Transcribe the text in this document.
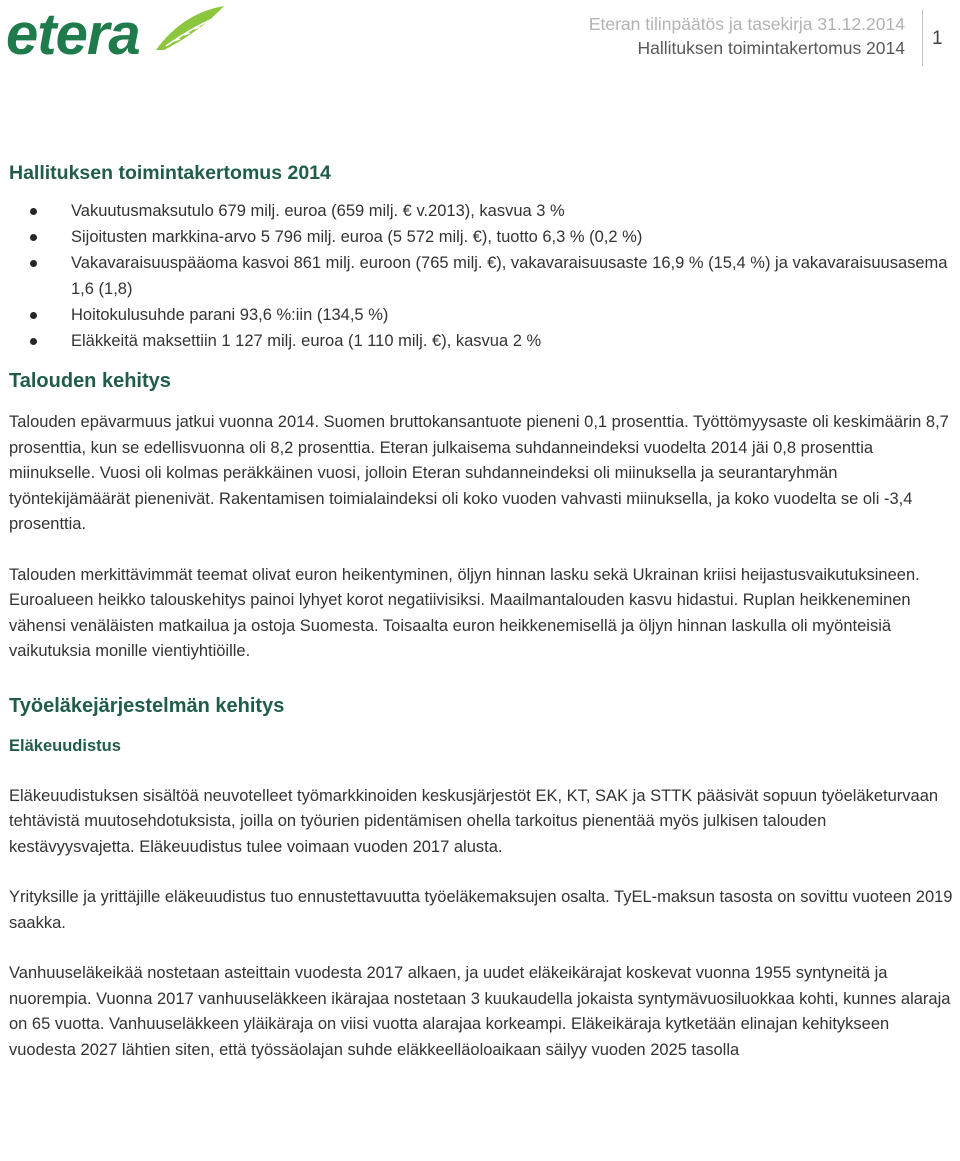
etera	Eteran tilinpäätös ja tasekirja 31.12.2014
Hallituksen toimintakertomus 2014 1
Hallituksen toimintakertomus 2014
Vakuutusmaksutulo 679 milj. euroa (659 milj. € v.2013), kasvua 3 %
Sijoitusten markkina-arvo 5 796 milj. euroa (5 572 milj. €), tuotto 6,3 % (0,2 %)
Vakavaraisuuspääoma kasvoi 861 milj. euroon (765 milj. €), vakavaraisuusaste 16,9 % (15,4 %) ja vakavaraisuusasema 1,6 (1,8)
Hoitokulusuhde parani 93,6 %:iin (134,5 %)
Eläkkeitä maksettiin 1 127 milj. euroa (1 110 milj. €), kasvua 2 %
Talouden kehitys

Talouden epävarmuus jatkui vuonna 2014. Suomen bruttokansantuote pieneni 0,1 prosenttia. Työttömyysaste oli keskimäärin 8,7 prosenttia, kun se edellisvuonna oli 8,2 prosenttia. Eteran julkaisema suhdanneindeksi vuodelta 2014 jäi 0,8 prosenttia miinukselle. Vuosi oli kolmas peräkkäinen vuosi, jolloin Eteran suhdanneindeksi oli miinuksella ja seurantaryhmän työntekijämäärät pienenivät. Rakentamisen toimialaindeksi oli koko vuoden vahvasti miinuksella, ja koko vuodelta se oli -3,4 prosenttia.

Talouden merkittävimmät teemat olivat euron heikentyminen, öljyn hinnan lasku sekä Ukrainan kriisi heijastusvaikutuksineen. Euroalueen heikko talouskehitys painoi lyhyet korot negatiivisiksi. Maailmantalouden kasvu hidastui. Ruplan heikkeneminen vähensi venäläisten matkailua ja ostoja Suomesta. Toisaalta euron heikkenemisellä ja öljyn hinnan laskulla oli myönteisiä vaikutuksia monille vientiyhtiöille.

Työeläkejärjestelmän kehitys
Eläkeuudistus

Eläkeuudistuksen sisältöä neuvotelleet työmarkkinoiden keskusjärjestöt EK, KT, SAK ja STTK pääsivät sopuun työeläketurvaan tehtävistä muutosehdotuksista, joilla on työurien pidentämisen ohella tarkoitus pienentää myös julkisen talouden kestävyysvajetta. Eläkeuudistus tulee voimaan vuoden 2017 alusta.

Yrityksille ja yrittäjille eläkeuudistus tuo ennustettavuutta työeläkemaksujen osalta. TyEL-maksun tasosta on sovittu vuoteen 2019 saakka.

Vanhuuseläkeikää nostetaan asteittain vuodesta 2017 alkaen, ja uudet eläkeikärajat koskevat vuonna 1955 syntyneitä ja nuorempia. Vuonna 2017 vanhuuseläkkeen ikärajaa nostetaan 3 kuukaudella jokaista syntymävuosiluokkaa kohti, kunnes alaraja on 65 vuotta. Vanhuuseläkkeen yläikäraja on viisi vuotta alarajaa korkeampi. Eläkeikäraja kytketään elinajan kehitykseen vuodesta 2027 lähtien siten, että työssäolajan suhde eläkkeelläoloaikaan säilyy vuoden 2025 tasolla
